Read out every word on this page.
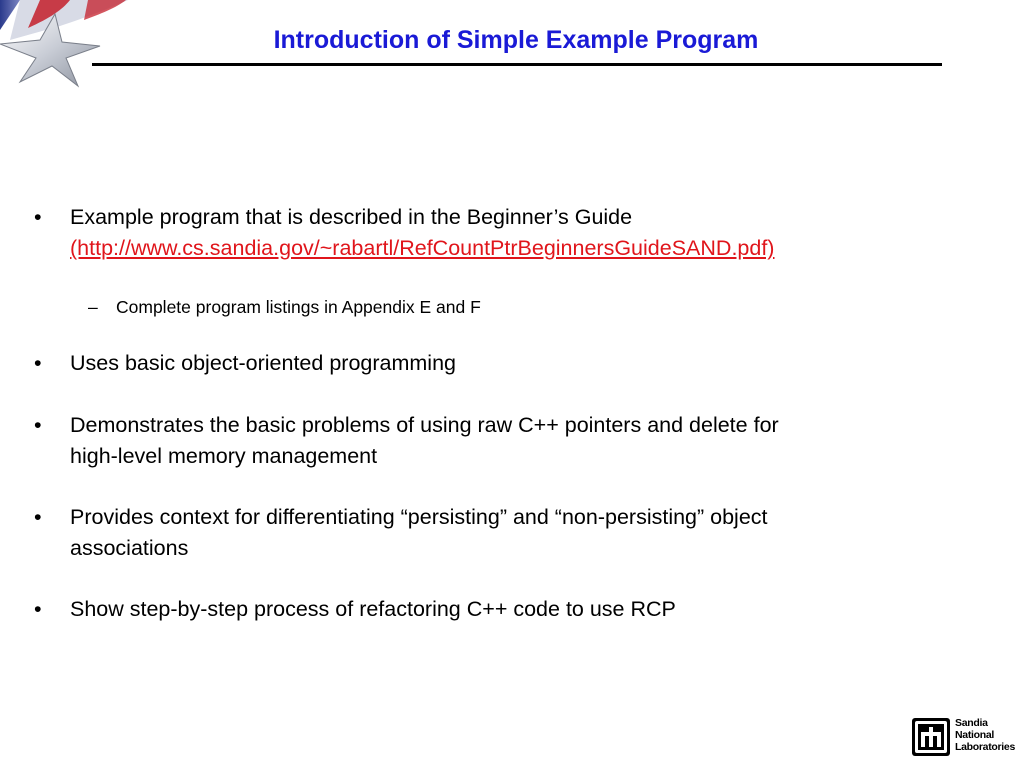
Introduction of Simple Example Program
• Example program that is described in the Beginner’s Guide
(http://www.cs.sandia.gov/~rabartl/RefCountPtrBeginnersGuideSAND.pdf)
– Complete program listings in Appendix E and F
• Uses basic object-oriented programming
• Demonstrates the basic problems of using raw C++ pointers and delete for
high-level memory management
• Provides context for differentiating “persisting” and “non-persisting” object
associations
• Show step-by-step process of refactoring C++ code to use RCP
Sandia
National
Laboratories
